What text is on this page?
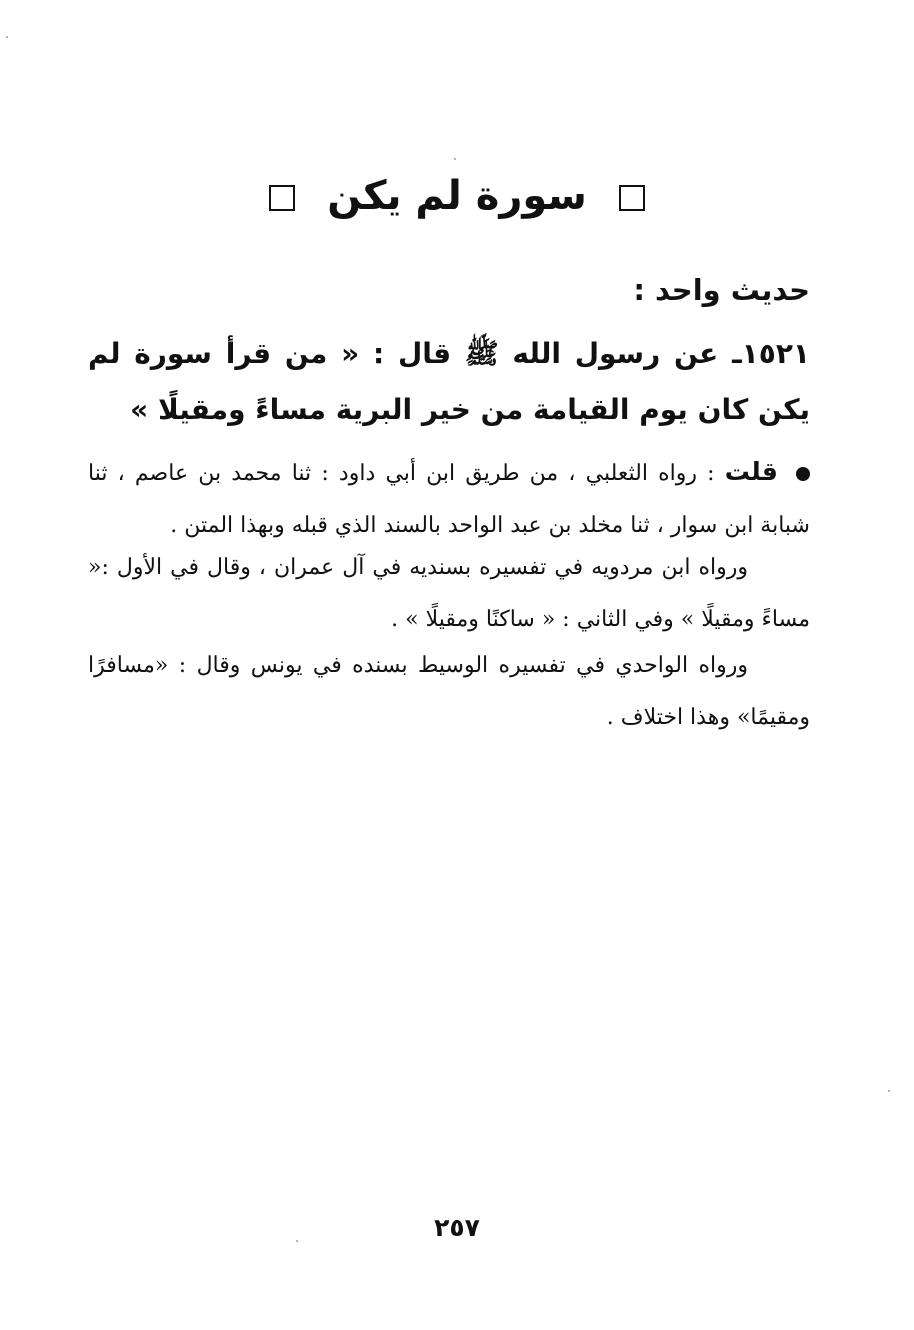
سورة لم يكن
حديث واحد :
١٥٢١ـ عن رسول الله ﷺ قال : « من قرأ سورة لم يكن كان يوم القيامة من خير البرية مساءً ومقيلًا »
قلت : رواه الثعلبي ، من طريق ابن أبي داود : ثنا محمد بن عاصم ، ثنا شبابة ابن سوار ، ثنا مخلد بن عبد الواحد بالسند الذي قبله وبهذا المتن .
ورواه ابن مردويه في تفسيره بسنديه في آل عمران ، وقال في الأول :« مساءً ومقيلًا » وفي الثاني : « ساكنًا ومقيلًا » .
ورواه الواحدي في تفسيره الوسيط بسنده في يونس وقال : «مسافرًا ومقيمًا» وهذا اختلاف .
٢٥٧
